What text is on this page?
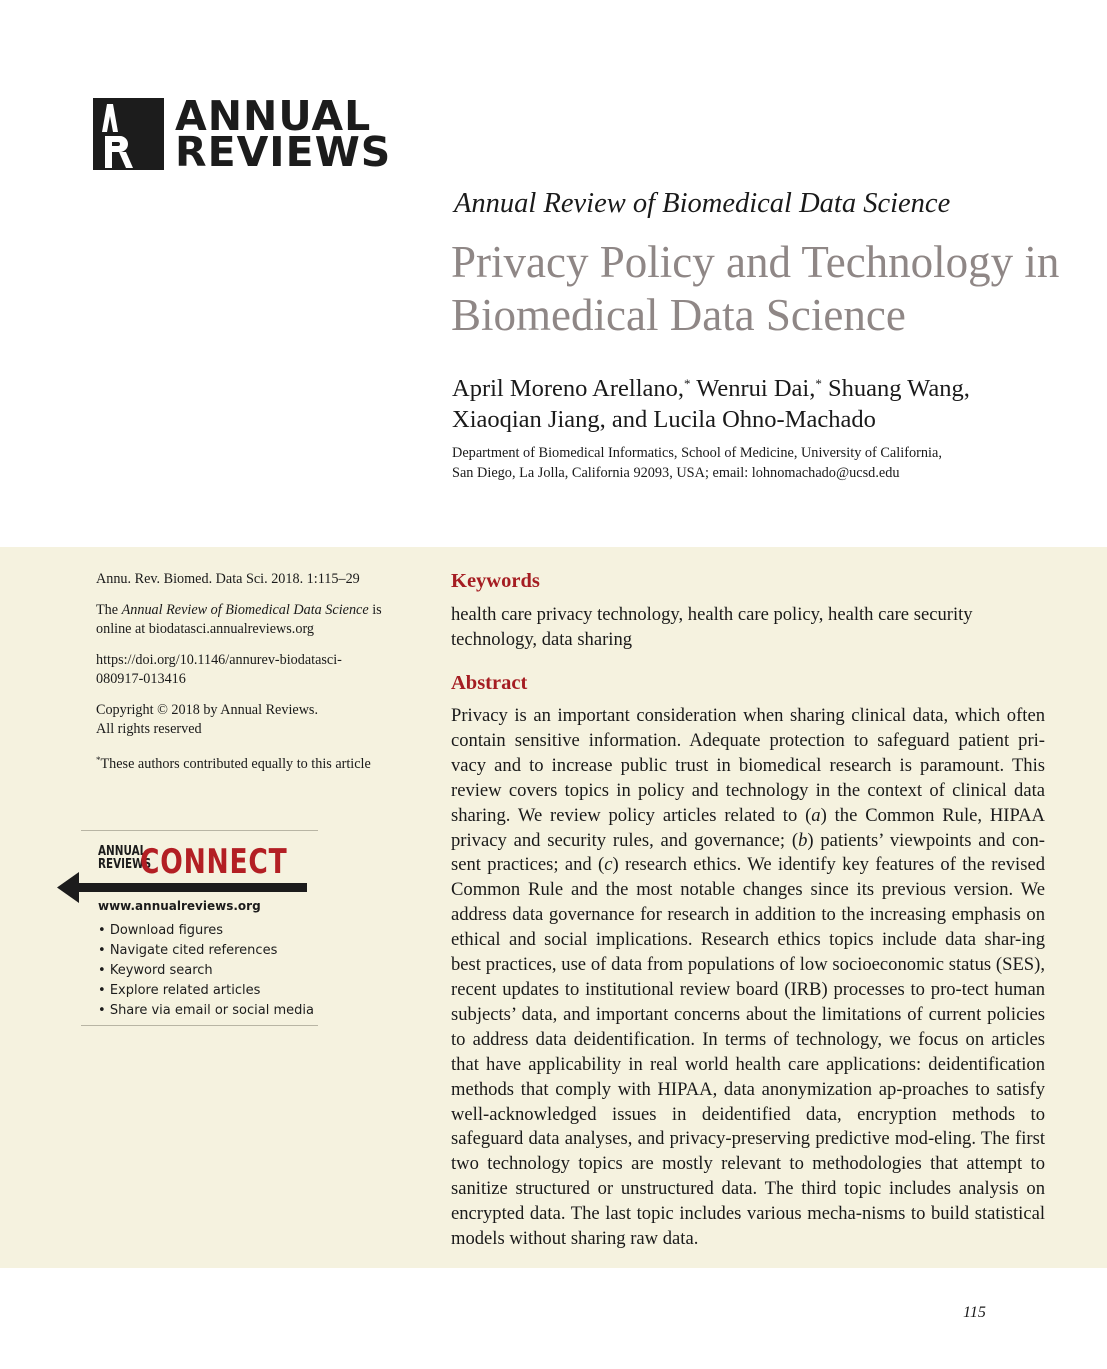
ANNUAL
REVIEWS
Annual Review of Biomedical Data Science
Privacy Policy and Technology in Biomedical Data Science
April Moreno Arellano,* Wenrui Dai,* Shuang Wang,
Xiaoqian Jiang, and Lucila Ohno-Machado
Department of Biomedical Informatics, School of Medicine, University of California,
San Diego, La Jolla, California 92093, USA; email: lohnomachado@ucsd.edu

Annu. Rev. Biomed. Data Sci. 2018. 1:115–29

The Annual Review of Biomedical Data Science is
online at biodatasci.annualreviews.org

https://doi.org/10.1146/annurev-biodatasci-
080917-013416

Copyright © 2018 by Annual Reviews.
All rights reserved

*These authors contributed equally to this article

ANNUAL
REVIEWS
CONNECT
www.annualreviews.org
• Download figures
• Navigate cited references
• Keyword search
• Explore related articles
• Share via email or social media
Keywords
health care privacy technology, health care policy, health care security technology, data sharing
Abstract
Privacy is an important consideration when sharing clinical data, which often contain sensitive information. Adequate protection to safeguard patient pri-vacy and to increase public trust in biomedical research is paramount. This review covers topics in policy and technology in the context of clinical data sharing. We review policy articles related to (a) the Common Rule, HIPAA privacy and security rules, and governance; (b) patients’ viewpoints and con-sent practices; and (c) research ethics. We identify key features of the revised Common Rule and the most notable changes since its previous version. We address data governance for research in addition to the increasing emphasis on ethical and social implications. Research ethics topics include data shar-ing best practices, use of data from populations of low socioeconomic status (SES), recent updates to institutional review board (IRB) processes to pro-tect human subjects’ data, and important concerns about the limitations of current policies to address data deidentification. In terms of technology, we focus on articles that have applicability in real world health care applications: deidentification methods that comply with HIPAA, data anonymization ap-proaches to satisfy well-acknowledged issues in deidentified data, encryption methods to safeguard data analyses, and privacy-preserving predictive mod-eling. The first two technology topics are mostly relevant to methodologies that attempt to sanitize structured or unstructured data. The third topic includes analysis on encrypted data. The last topic includes various mecha-nisms to build statistical models without sharing raw data.
115
